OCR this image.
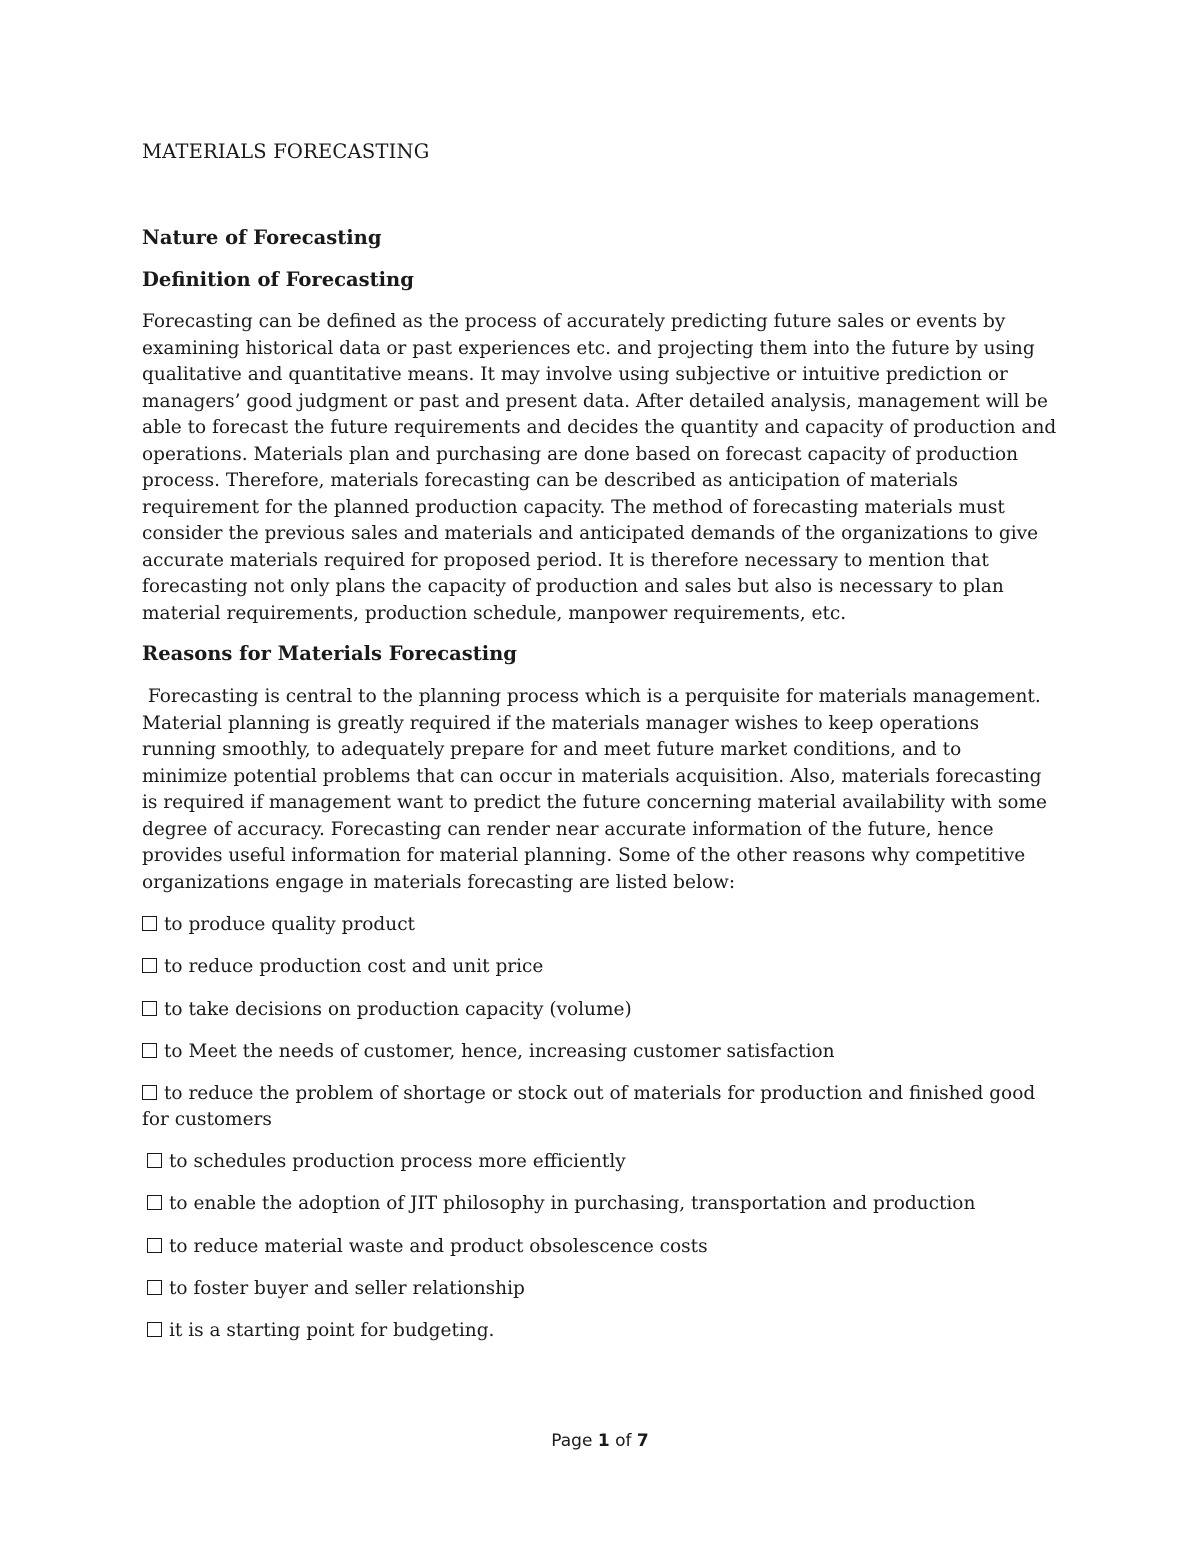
MATERIALS FORECASTING
Nature of Forecasting
Definition of Forecasting

Forecasting can be defined as the process of accurately predicting future sales or events by

examining historical data or past experiences etc. and projecting them into the future by using

qualitative and quantitative means. It may involve using subjective or intuitive prediction or

managers’ good judgment or past and present data. After detailed analysis, management will be

able to forecast the future requirements and decides the quantity and capacity of production and

operations. Materials plan and purchasing are done based on forecast capacity of production

process. Therefore, materials forecasting can be described as anticipation of materials

requirement for the planned production capacity. The method of forecasting materials must

consider the previous sales and materials and anticipated demands of the organizations to give

accurate materials required for proposed period. It is therefore necessary to mention that

forecasting not only plans the capacity of production and sales but also is necessary to plan

material requirements, production schedule, manpower requirements, etc.

Reasons for Materials Forecasting

Forecasting is central to the planning process which is a perquisite for materials management.

Material planning is greatly required if the materials manager wishes to keep operations

running smoothly, to adequately prepare for and meet future market conditions, and to

minimize potential problems that can occur in materials acquisition. Also, materials forecasting

is required if management want to predict the future concerning material availability with some

degree of accuracy. Forecasting can render near accurate information of the future, hence

provides useful information for material planning. Some of the other reasons why competitive

organizations engage in materials forecasting are listed below:

to produce quality product

to reduce production cost and unit price

to take decisions on production capacity (volume)

to Meet the needs of customer, hence, increasing customer satisfaction

to reduce the problem of shortage or stock out of materials for production and finished good

for customers

to schedules production process more efficiently

to enable the adoption of JIT philosophy in purchasing, transportation and production

to reduce material waste and product obsolescence costs

to foster buyer and seller relationship

it is a starting point for budgeting.

Page 1 of 7
